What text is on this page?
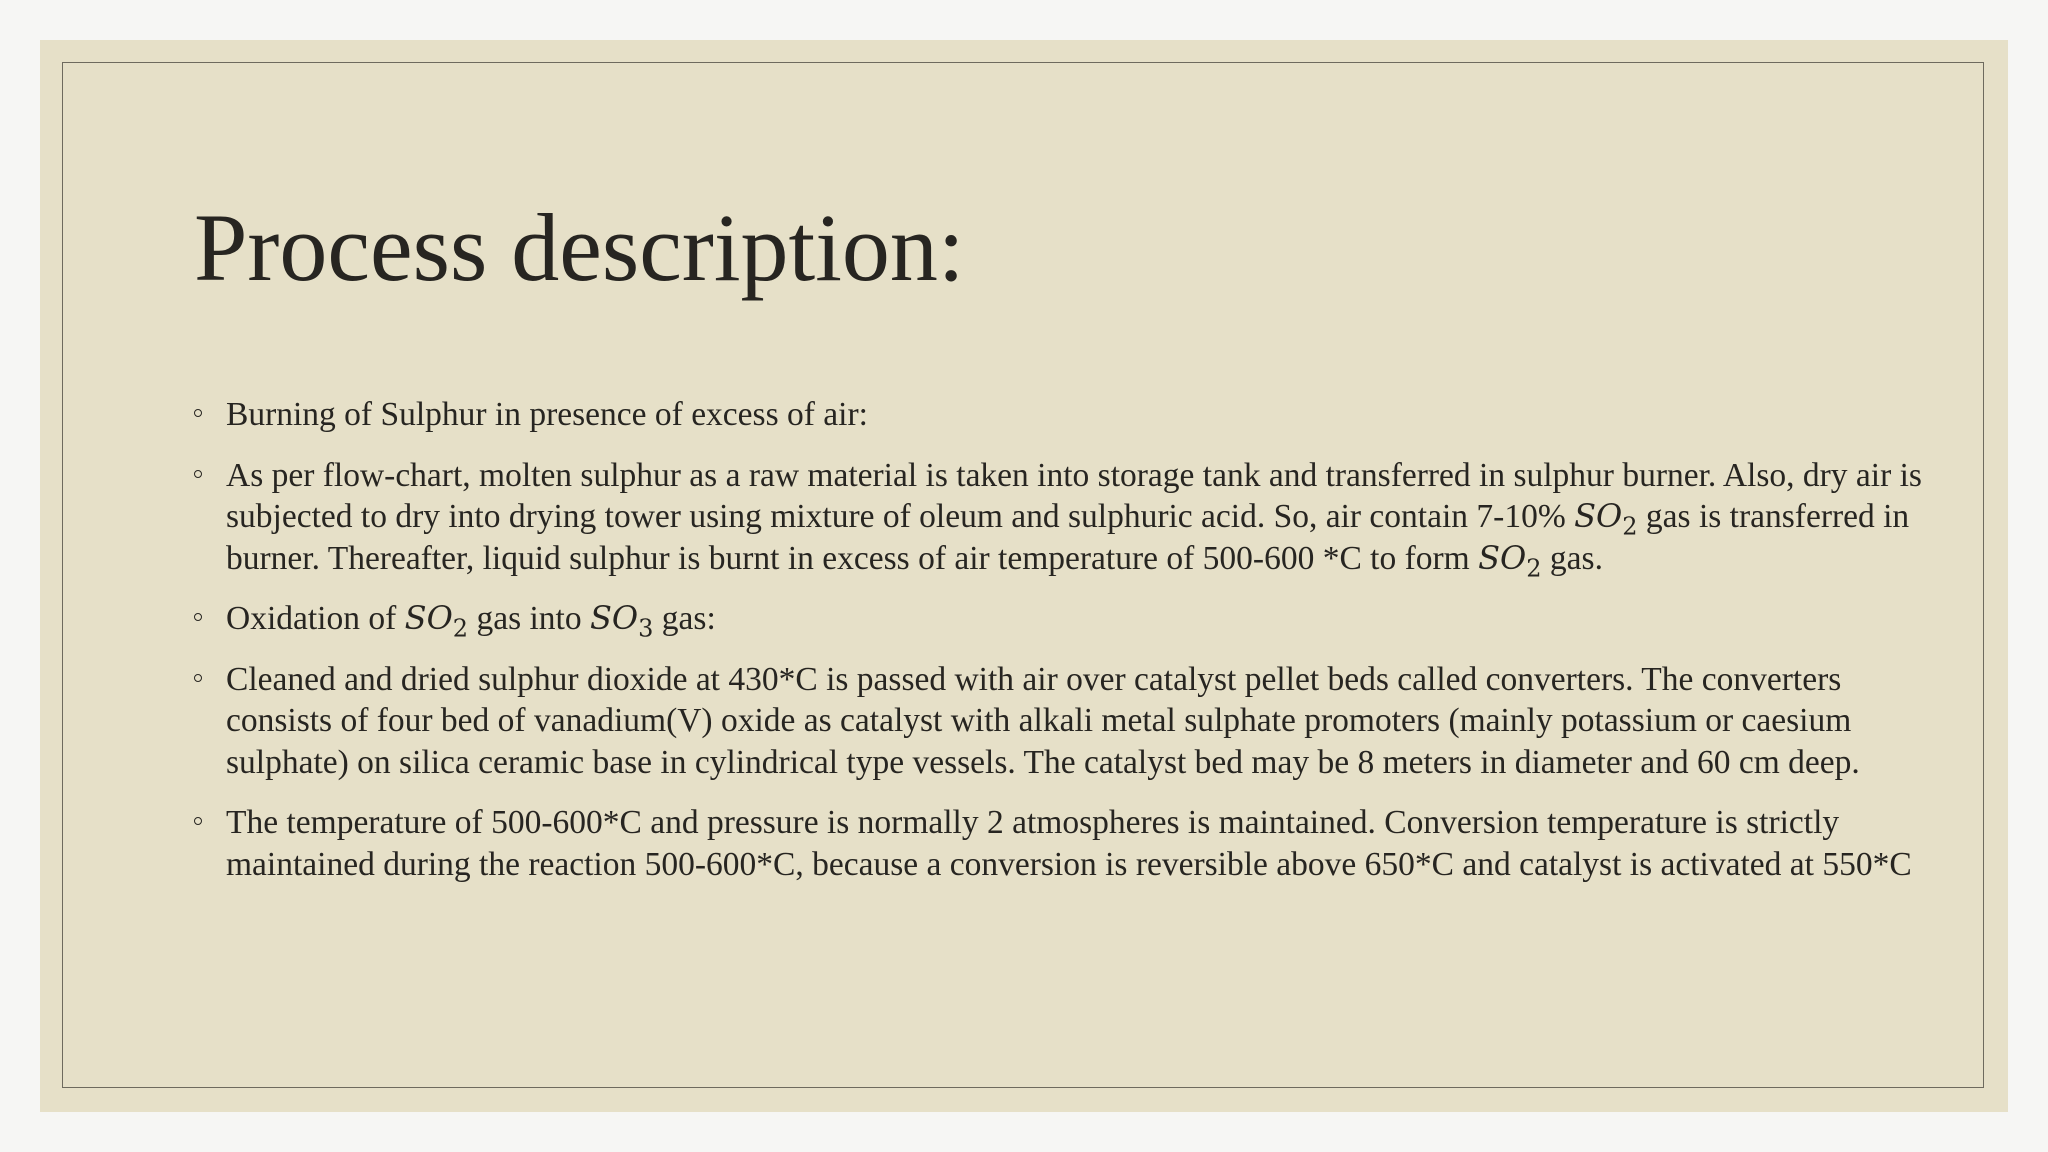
Process description:
Burning of Sulphur in presence of excess of air:
As per flow-chart, molten sulphur as a raw material is taken into storage tank and transferred in sulphur burner. Also, dry air is subjected to dry into drying tower using mixture of oleum and sulphuric acid. So, air contain 7-10% $SO_2$ gas is transferred in burner. Thereafter, liquid sulphur is burnt in excess of air temperature of 500-600 *C to form $SO_2$ gas.
Oxidation of $SO_2$ gas into $SO_3$ gas:
Cleaned and dried sulphur dioxide at 430*C is passed with air over catalyst pellet beds called converters. The converters consists of four bed of vanadium(V) oxide as catalyst with alkali metal sulphate promoters (mainly potassium or caesium sulphate) on silica ceramic base in cylindrical type vessels. The catalyst bed may be 8 meters in diameter and 60 cm deep.
The temperature of 500-600*C and pressure is normally 2 atmospheres is maintained. Conversion temperature is strictly maintained during the reaction 500-600*C, because a conversion is reversible above 650*C and catalyst is activated at 550*C
